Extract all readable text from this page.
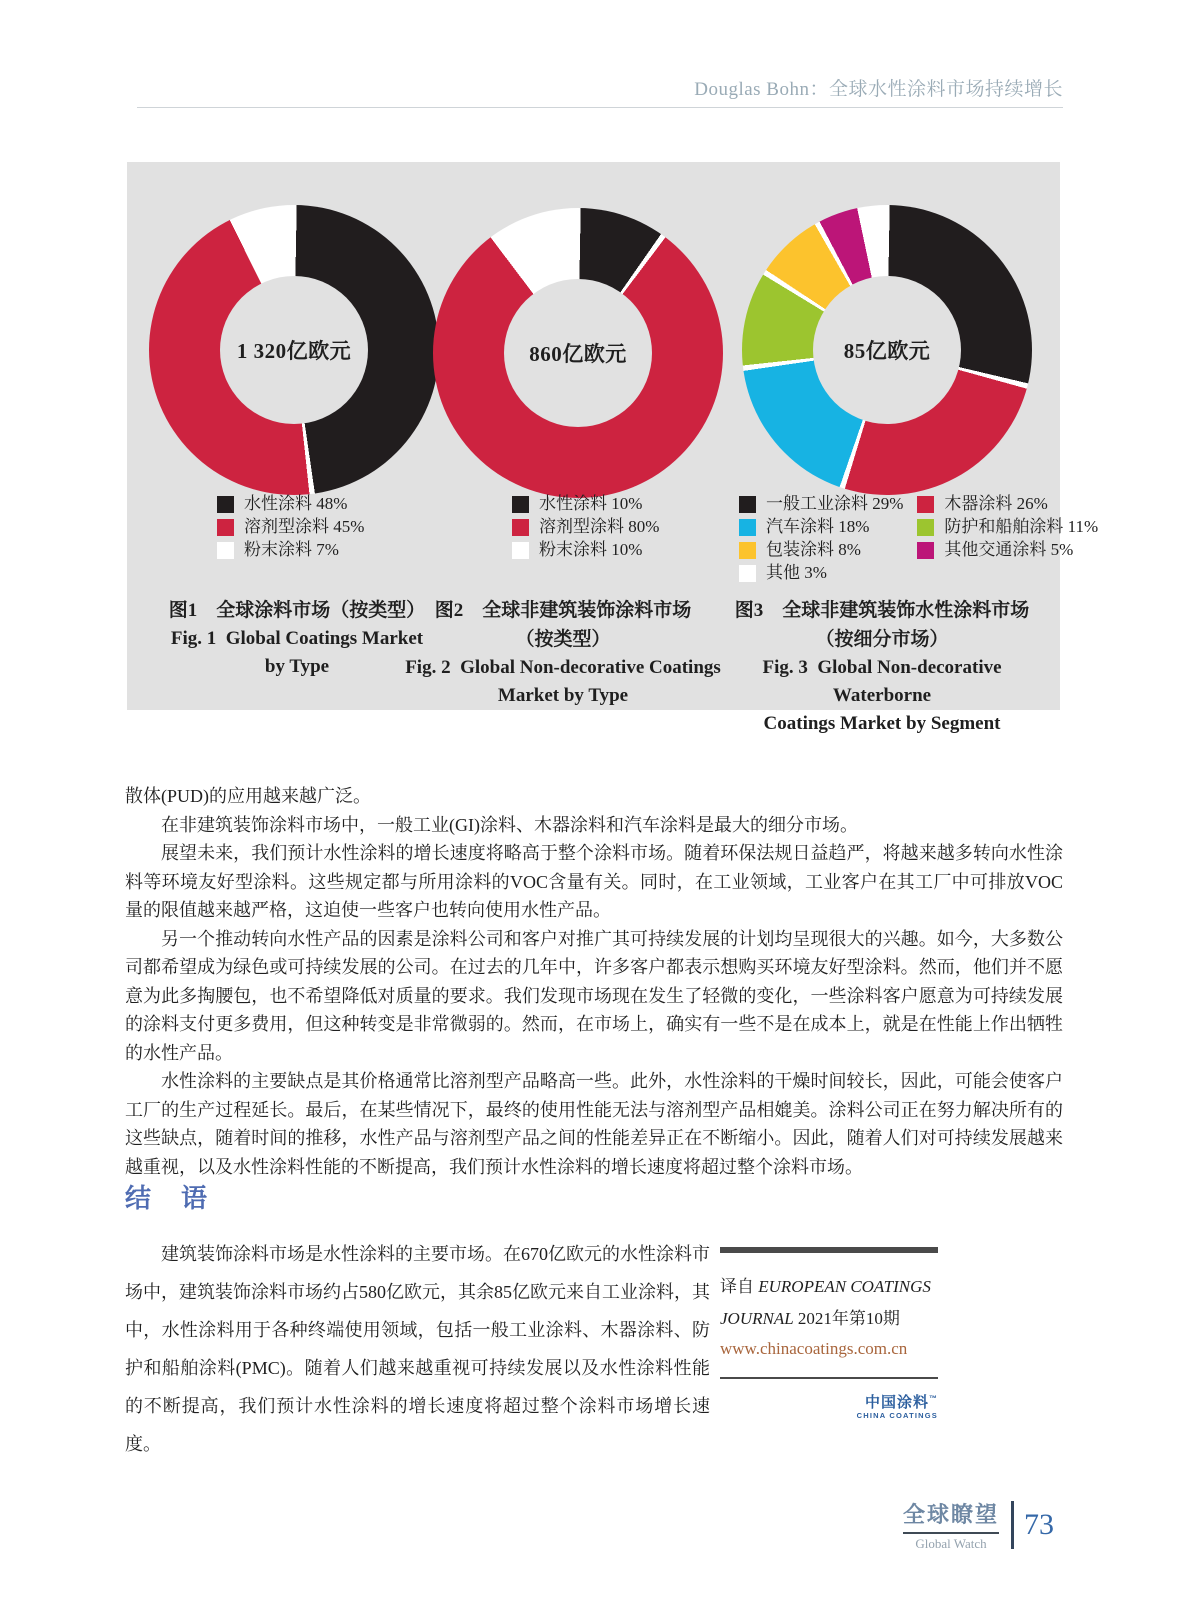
Douglas Bohn：全球水性涂料市场持续增长
1 320亿欧元	860亿欧元	85亿欧元
水性涂料 48%
溶剂型涂料 45%
粉末涂料 7%
水性涂料 10%
溶剂型涂料 80%
粉末涂料 10%
一般工业涂料 29%
汽车涂料 18%
包装涂料 8%
其他 3%
木器涂料 26%
防护和船舶涂料 11%
其他交通涂料 5%
图1　全球涂料市场（按类型）
Fig. 1 Global Coatings Market
by Type
图2　全球非建筑装饰涂料市场
（按类型）
Fig. 2 Global Non-decorative Coatings
Market by Type
图3　全球非建筑装饰水性涂料市场
（按细分市场）
Fig. 3 Global Non-decorative Waterborne
Coatings Market by Segment

散体(PUD)的应用越来越广泛。

在非建筑装饰涂料市场中，一般工业(GI)涂料、木器涂料和汽车涂料是最大的细分市场。

展望未来，我们预计水性涂料的增长速度将略高于整个涂料市场。随着环保法规日益趋严，将越来越多转向水性涂料等环境友好型涂料。这些规定都与所用涂料的VOC含量有关。同时，在工业领域，工业客户在其工厂中可排放VOC量的限值越来越严格，这迫使一些客户也转向使用水性产品。

另一个推动转向水性产品的因素是涂料公司和客户对推广其可持续发展的计划均呈现很大的兴趣。如今，大多数公司都希望成为绿色或可持续发展的公司。在过去的几年中，许多客户都表示想购买环境友好型涂料。然而，他们并不愿意为此多掏腰包，也不希望降低对质量的要求。我们发现市场现在发生了轻微的变化，一些涂料客户愿意为可持续发展的涂料支付更多费用，但这种转变是非常微弱的。然而，在市场上，确实有一些不是在成本上，就是在性能上作出牺牲的水性产品。

水性涂料的主要缺点是其价格通常比溶剂型产品略高一些。此外，水性涂料的干燥时间较长，因此，可能会使客户工厂的生产过程延长。最后，在某些情况下，最终的使用性能无法与溶剂型产品相媲美。涂料公司正在努力解决所有的这些缺点，随着时间的推移，水性产品与溶剂型产品之间的性能差异正在不断缩小。因此，随着人们对可持续发展越来越重视，以及水性涂料性能的不断提高，我们预计水性涂料的增长速度将超过整个涂料市场。

结　语

建筑装饰涂料市场是水性涂料的主要市场。在670亿欧元的水性涂料市场中，建筑装饰涂料市场约占580亿欧元，其余85亿欧元来自工业涂料，其中，水性涂料用于各种终端使用领域，包括一般工业涂料、木器涂料、防护和船舶涂料(PMC)。随着人们越来越重视可持续发展以及水性涂料性能的不断提高，我们预计水性涂料的增长速度将超过整个涂料市场增长速度。

译自 EUROPEAN COATINGS JOURNAL 2021年第10期

www.chinacoatings.com.cn

中国涂料™
CHINA COATINGS
全球瞭望
Global Watch
73
